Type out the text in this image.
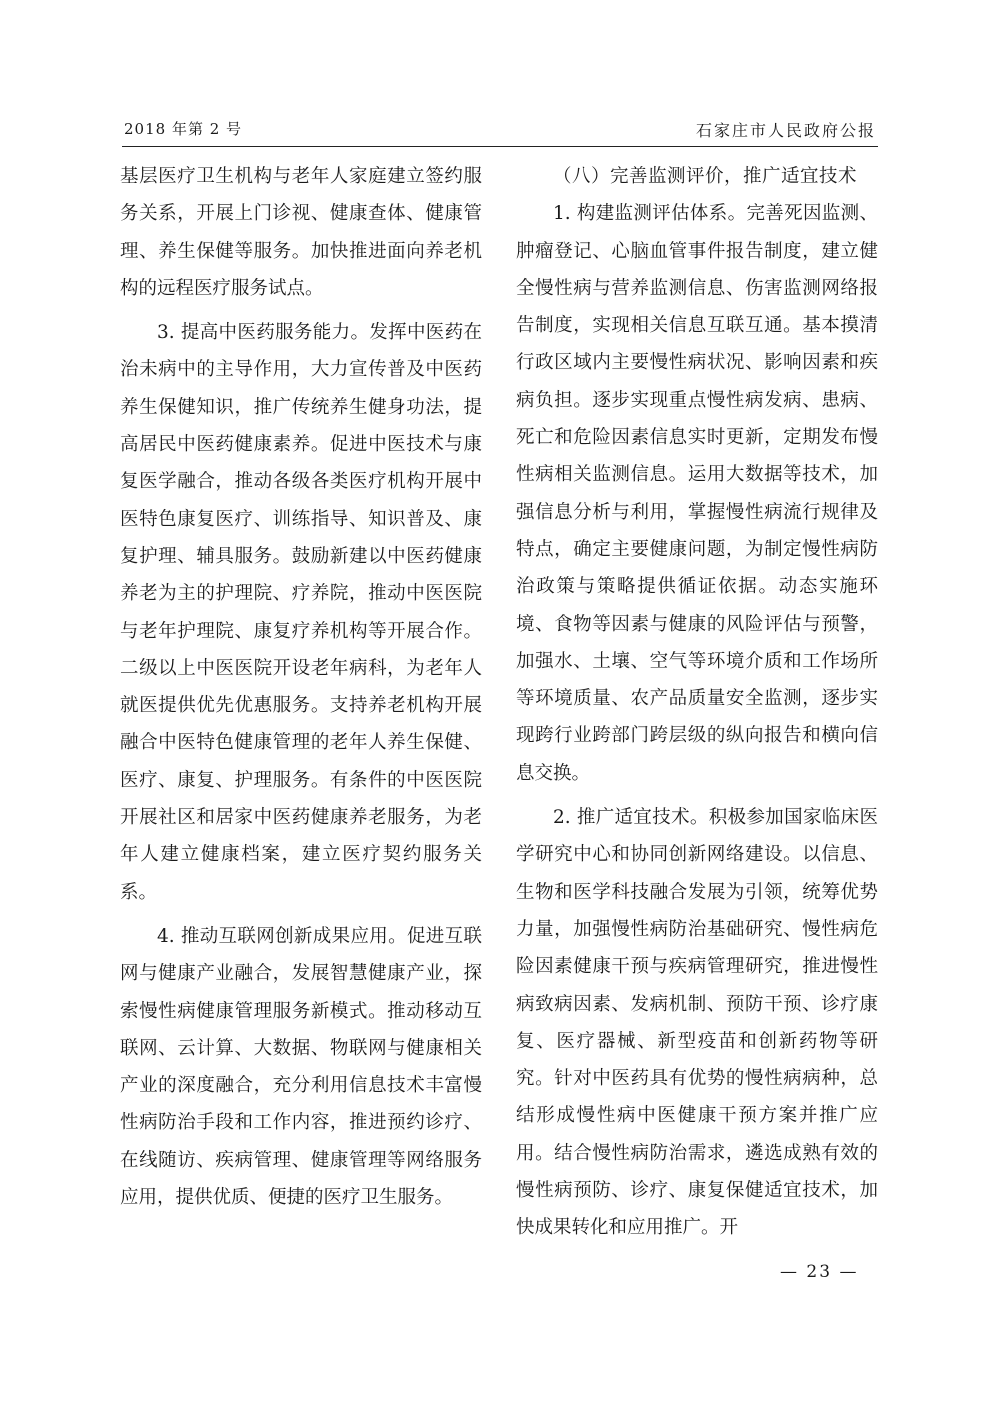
2018 年第 2 号	石家庄市人民政府公报

基层医疗卫生机构与老年人家庭建立签约服务关系，开展上门诊视、健康查体、健康管理、养生保健等服务。加快推进面向养老机构的远程医疗服务试点。

3. 提高中医药服务能力。发挥中医药在治未病中的主导作用，大力宣传普及中医药养生保健知识，推广传统养生健身功法，提高居民中医药健康素养。促进中医技术与康复医学融合，推动各级各类医疗机构开展中医特色康复医疗、训练指导、知识普及、康复护理、辅具服务。鼓励新建以中医药健康养老为主的护理院、疗养院，推动中医医院与老年护理院、康复疗养机构等开展合作。二级以上中医医院开设老年病科，为老年人就医提供优先优惠服务。支持养老机构开展融合中医特色健康管理的老年人养生保健、医疗、康复、护理服务。有条件的中医医院开展社区和居家中医药健康养老服务，为老年人建立健康档案，建立医疗契约服务关系。

4. 推动互联网创新成果应用。促进互联网与健康产业融合，发展智慧健康产业，探索慢性病健康管理服务新模式。推动移动互联网、云计算、大数据、物联网与健康相关产业的深度融合，充分利用信息技术丰富慢性病防治手段和工作内容，推进预约诊疗、在线随访、疾病管理、健康管理等网络服务应用，提供优质、便捷的医疗卫生服务。

（八）完善监测评价，推广适宜技术

1. 构建监测评估体系。完善死因监测、肿瘤登记、心脑血管事件报告制度，建立健全慢性病与营养监测信息、伤害监测网络报告制度，实现相关信息互联互通。基本摸清行政区域内主要慢性病状况、影响因素和疾病负担。逐步实现重点慢性病发病、患病、死亡和危险因素信息实时更新，定期发布慢性病相关监测信息。运用大数据等技术，加强信息分析与利用，掌握慢性病流行规律及特点，确定主要健康问题，为制定慢性病防治政策与策略提供循证依据。动态实施环境、食物等因素与健康的风险评估与预警，加强水、土壤、空气等环境介质和工作场所等环境质量、农产品质量安全监测，逐步实现跨行业跨部门跨层级的纵向报告和横向信息交换。

2. 推广适宜技术。积极参加国家临床医学研究中心和协同创新网络建设。以信息、生物和医学科技融合发展为引领，统筹优势力量，加强慢性病防治基础研究、慢性病危险因素健康干预与疾病管理研究，推进慢性病致病因素、发病机制、预防干预、诊疗康复、医疗器械、新型疫苗和创新药物等研究。针对中医药具有优势的慢性病病种，总结形成慢性病中医健康干预方案并推广应用。结合慢性病防治需求，遴选成熟有效的慢性病预防、诊疗、康复保健适宜技术，加快成果转化和应用推广。开

— 23 —
